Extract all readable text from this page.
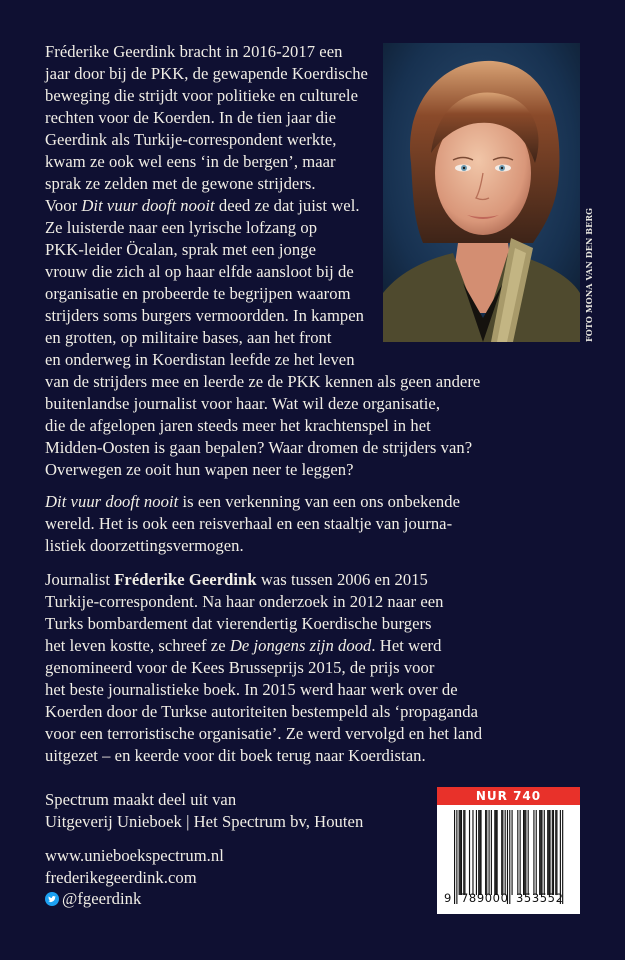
FOTO MONA VAN DEN BERG
Spectrum maakt deel uit van
Uitgeverij Unieboek | Het Spectrum bv, Houten
www.unieboekspectrum.nl
frederikegeerdink.com
@fgeerdink
NUR 740
9 789000 353552
Fréderike Geerdink bracht in 2016-2017 een
jaar door bij de PKK, de gewapende Koerdische
beweging die strijdt voor politieke en culturele
rechten voor de Koerden. In de tien jaar die
Geerdink als Turkije-correspondent werkte,
kwam ze ook wel eens ‘in de bergen’, maar
sprak ze zelden met de gewone strijders.
Voor Dit vuur dooft nooit deed ze dat juist wel.
Ze luisterde naar een lyrische lofzang op
PKK-leider Öcalan, sprak met een jonge
vrouw die zich al op haar elfde aansloot bij de
organisatie en probeerde te begrijpen waarom
strijders soms burgers vermoordden. In kampen
en grotten, op militaire bases, aan het front
en onderweg in Koerdistan leefde ze het leven
van de strijders mee en leerde ze de PKK kennen als geen andere
buitenlandse journalist voor haar. Wat wil deze organisatie,
die de afgelopen jaren steeds meer het krachtenspel in het
Midden-Oosten is gaan bepalen? Waar dromen de strijders van?
Overwegen ze ooit hun wapen neer te leggen?
Dit vuur dooft nooit is een verkenning van een ons onbekende
wereld. Het is ook een reisverhaal en een staaltje van journa-
listiek doorzettingsvermogen.
Journalist Fréderike Geerdink was tussen 2006 en 2015
Turkije-correspondent. Na haar onderzoek in 2012 naar een
Turks bombardement dat vierendertig Koerdische burgers
het leven kostte, schreef ze De jongens zijn dood. Het werd
genomineerd voor de Kees Brusseprijs 2015, de prijs voor
het beste journalistieke boek. In 2015 werd haar werk over de
Koerden door de Turkse autoriteiten bestempeld als ‘propaganda
voor een terroristische organisatie’. Ze werd vervolgd en het land
uitgezet – en keerde voor dit boek terug naar Koerdistan.
